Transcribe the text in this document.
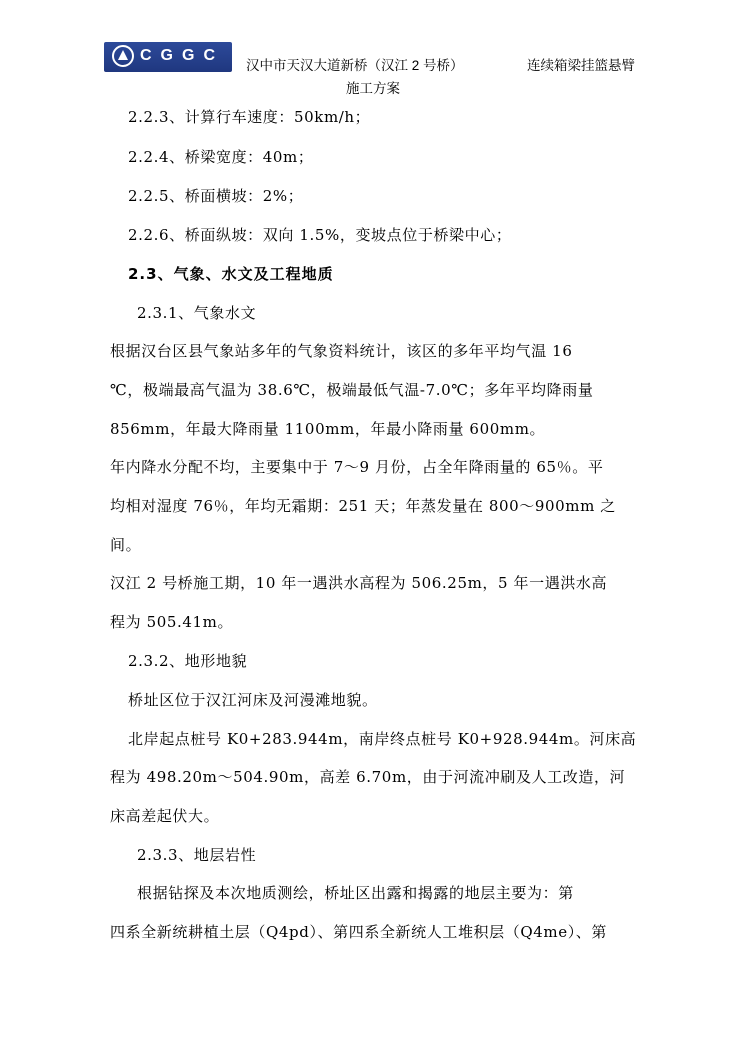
CGGC
汉中市天汉大道新桥（汉江 2 号桥）	连续箱梁挂篮悬臂
施工方案
2.2.3、计算行车速度：50km/h；
2.2.4、桥梁宽度：40m；
2.2.5、桥面横坡：2%；
2.2.6、桥面纵坡：双向 1.5%，变坡点位于桥梁中心；
2.3、气象、水文及工程地质
2.3.1、气象水文
根据汉台区县气象站多年的气象资料统计，该区的多年平均气温 16
℃，极端最高气温为 38.6℃，极端最低气温-7.0℃；多年平均降雨量
856mm，年最大降雨量 1100mm，年最小降雨量 600mm。
年内降水分配不均，主要集中于 7～9 月份，占全年降雨量的 65％。平
均相对湿度 76％，年均无霜期：251 天；年蒸发量在 800～900mm 之
间。
汉江 2 号桥施工期，10 年一遇洪水高程为 506.25m，5 年一遇洪水高
程为 505.41m。
2.3.2、地形地貌
桥址区位于汉江河床及河漫滩地貌。
北岸起点桩号 K0+283.944m，南岸终点桩号 K0+928.944m。河床高
程为 498.20m～504.90m，高差 6.70m，由于河流冲刷及人工改造，河
床高差起伏大。
2.3.3、地层岩性
根据钻探及本次地质测绘，桥址区出露和揭露的地层主要为：第
四系全新统耕植土层（Q4pd）、第四系全新统人工堆积层（Q4me）、第
